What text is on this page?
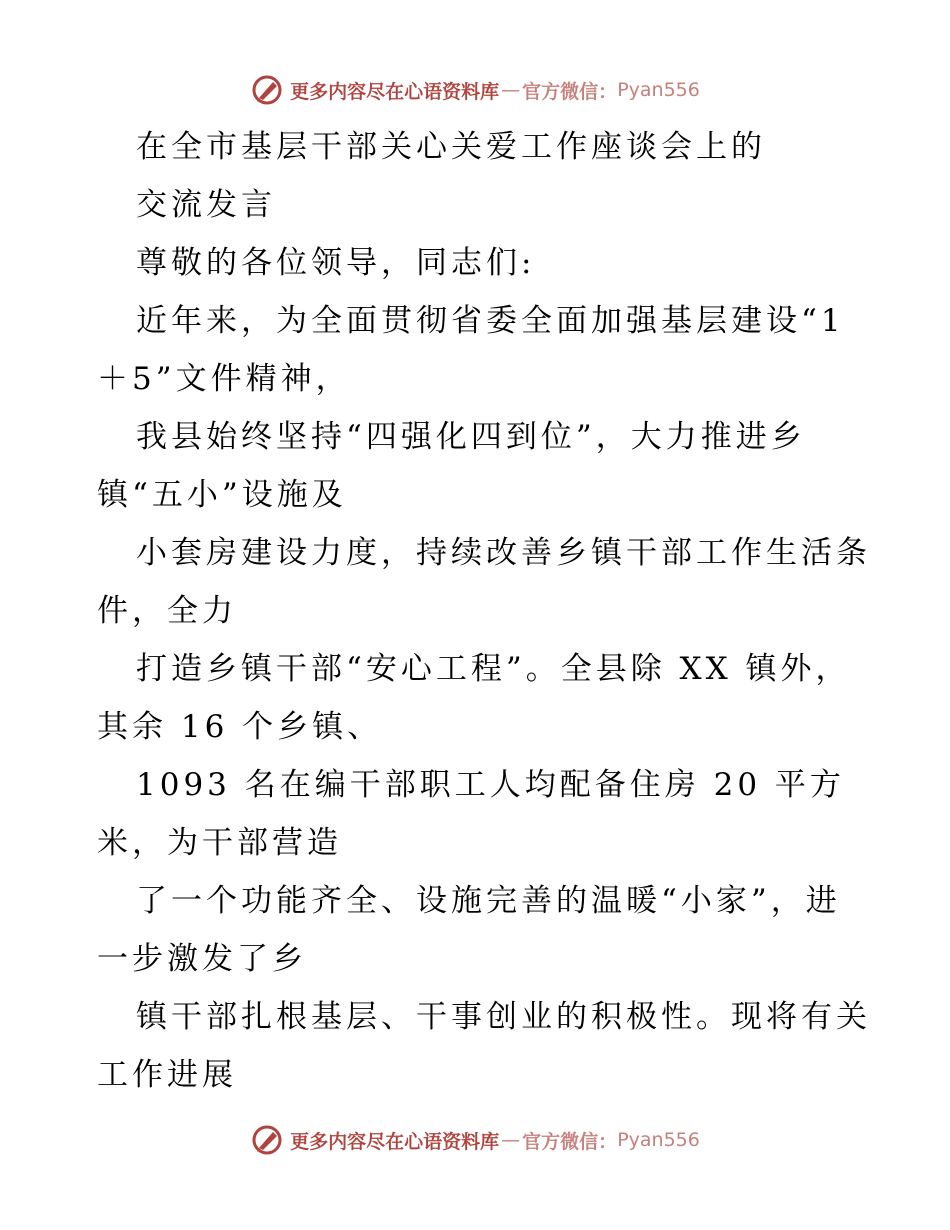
更多内容尽在心语资料库 — 官方微信： Pyan556
在全市基层干部关心关爱工作座谈会上的
交流发言
尊敬的各位领导，同志们:
近年来，为全面贯彻省委全面加强基层建设“1
＋5”文件精神，
我县始终坚持“四强化四到位”，大力推进乡
镇“五小”设施及
小套房建设力度，持续改善乡镇干部工作生活条
件，全力
打造乡镇干部“安心工程”。全县除 XX 镇外，
其余 16 个乡镇、
1093 名在编干部职工人均配备住房 20 平方
米，为干部营造
了一个功能齐全、设施完善的温暖“小家”，进
一步激发了乡
镇干部扎根基层、干事创业的积极性。现将有关
工作进展
更多内容尽在心语资料库 — 官方微信： Pyan556
